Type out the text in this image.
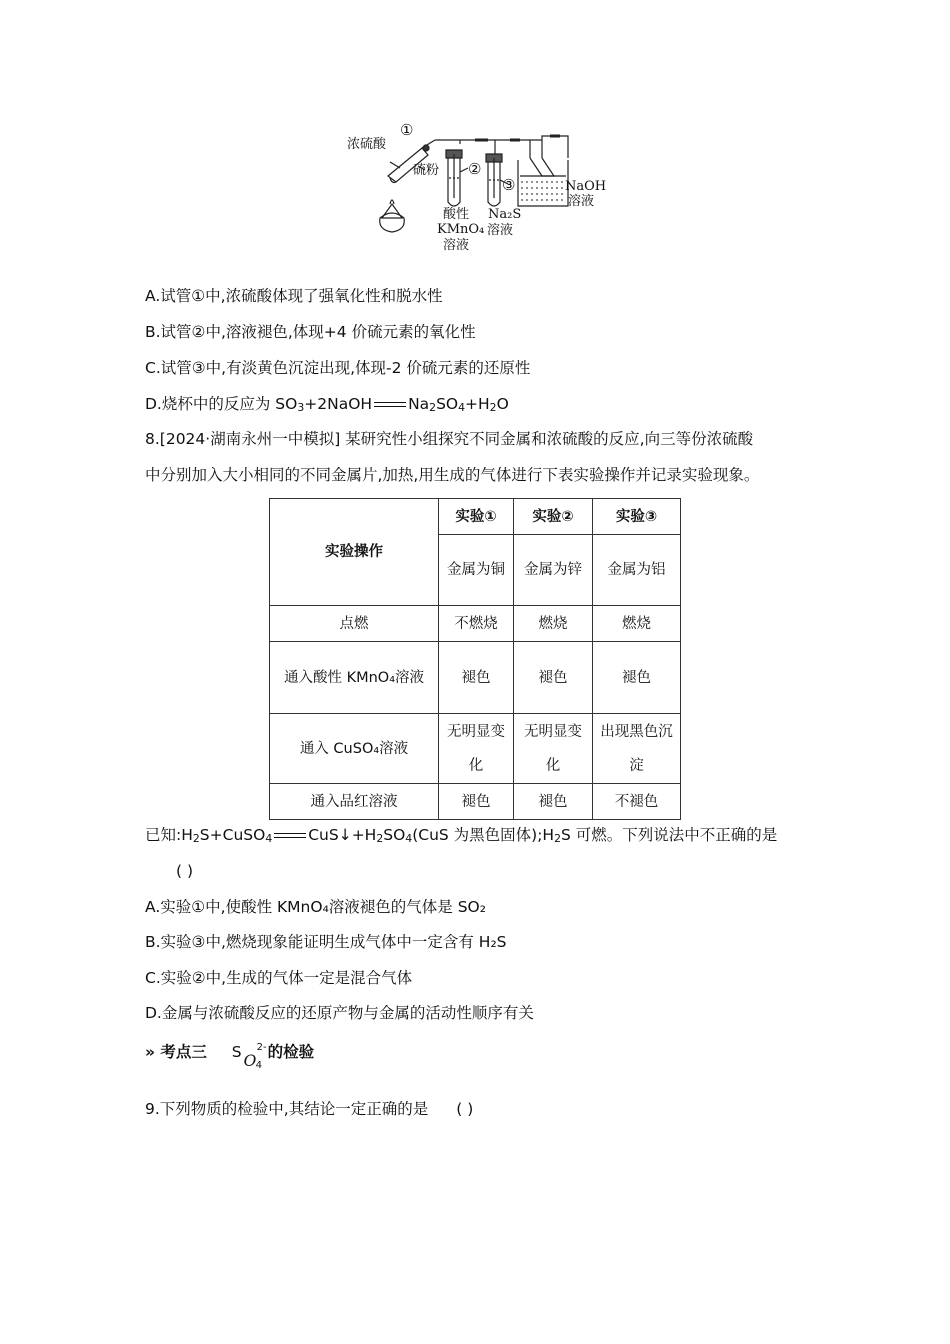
浓硫酸
①
硫粉 ②
③
酸性
KMnO₄
溶液
Na₂S
溶液
NaOH
溶液
A.试管①中,浓硫酸体现了强氧化性和脱水性
B.试管②中,溶液褪色,体现+4 价硫元素的氧化性
C.试管③中,有淡黄色沉淀出现,体现-2 价硫元素的还原性
D.烧杯中的反应为 $SO_3+2NaOH$ $Na_2SO_4+H_2O$
8.[2024·湖南永州一中模拟] 某研究性小组探究不同金属和浓硫酸的反应,向三等份浓硫酸
中分别加入大小相同的不同金属片,加热,用生成的气体进行下表实验操作并记录实验现象。
实验操作	实验①	实验②	实验③
	金属为铜	金属为锌	金属为铝
点燃	不燃烧	燃烧	燃烧
通入酸性 KMnO₄溶液	褪色	褪色	褪色
通入 CuSO₄溶液	无明显变化	无明显变化	出现黑色沉淀
通入品红溶液	褪色	褪色	不褪色
已知$:H_2S+CuSO_4$ $CuS↓+H_2SO_4(CuS$ 为黑色固体)$;H_2S$ 可燃。下列说法中不正确的是
( )
A.实验①中,使酸性 KMnO₄溶液褪色的气体是 SO₂
B.实验③中,燃烧现象能证明生成气体中一定含有 H₂S
C.实验②中,生成的气体一定是混合气体
D.金属与浓硫酸反应的还原产物与金属的活动性顺序有关
» 考点三 S O 4
2- 的检验
9.下列物质的检验中,其结论一定正确的是 ( )
